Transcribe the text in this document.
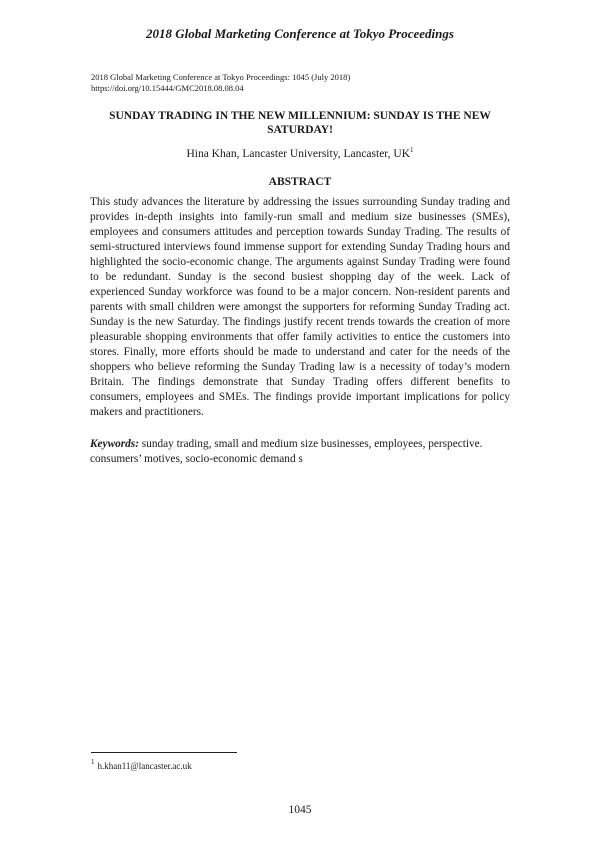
2018 Global Marketing Conference at Tokyo Proceedings
2018 Global Marketing Conference at Tokyo Proceedings: 1045 (July 2018)
https://doi.org/10.15444/GMC2018.08.08.04
SUNDAY TRADING IN THE NEW MILLENNIUM: SUNDAY IS THE NEW
SATURDAY!
Hina Khan, Lancaster University, Lancaster, $UK^1$
ABSTRACT

This study advances the literature by addressing the issues surrounding Sunday trading and provides in-depth insights into family-run small and medium size businesses (SMEs), employees and consumers attitudes and perception towards Sunday Trading. The results of semi-structured interviews found immense support for extending Sunday Trading hours and highlighted the socio-economic change. The arguments against Sunday Trading were found to be redundant. Sunday is the second busiest shopping day of the week. Lack of experienced Sunday workforce was found to be a major concern. Non-resident parents and parents with small children were amongst the supporters for reforming Sunday Trading act. Sunday is the new Saturday. The findings justify recent trends towards the creation of more pleasurable shopping environments that offer family activities to entice the customers into stores. Finally, more efforts should be made to understand and cater for the needs of the shoppers who believe reforming the Sunday Trading law is a necessity of today’s modern Britain. The findings demonstrate that Sunday Trading offers different benefits to consumers, employees and SMEs. The findings provide important implications for policy makers and practitioners.

Keywords: sunday trading, small and medium size businesses, employees, perspective. consumers’ motives, socio-economic demand s

$^1$ h.khan11@lancaster.ac.uk
1045
